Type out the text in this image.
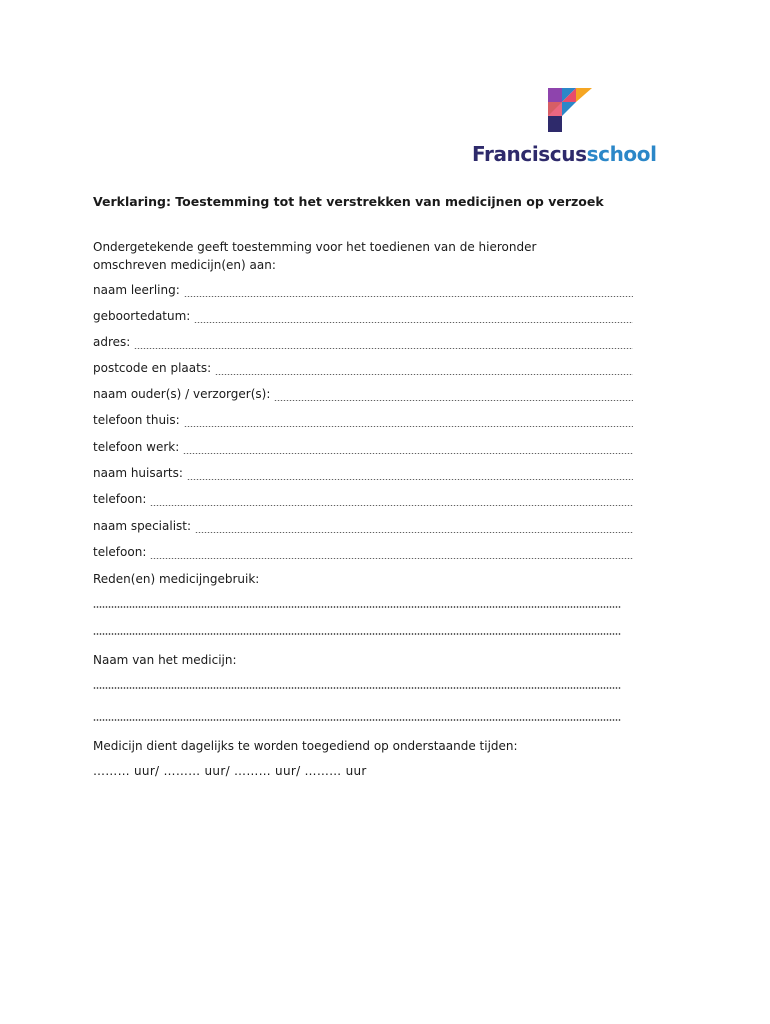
Franciscusschool
Verklaring: Toestemming tot het verstrekken van medicijnen op verzoek
Ondergetekende geeft toestemming voor het toedienen van de hieronder omschreven medicijn(en) aan:
naam leerling:
geboortedatum:
adres:
postcode en plaats:
naam ouder(s) / verzorger(s):
telefoon thuis:
telefoon werk:
naam huisarts:
telefoon:
naam specialist:
telefoon:
Reden(en) medicijngebruik:
Naam van het medicijn:
Medicijn dient dagelijks te worden toegediend op onderstaande tijden:
……… uur/ ……… uur/ ……… uur/ ……… uur
